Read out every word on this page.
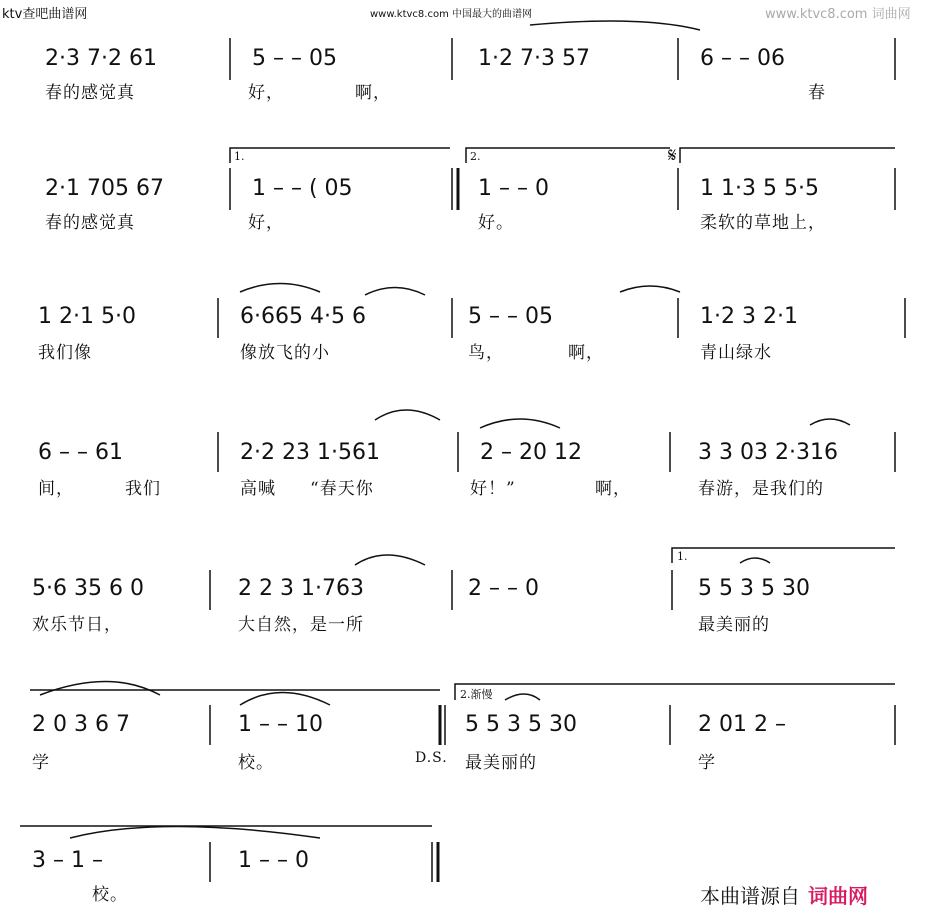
ktv查吧曲谱网	www.ktvc8.com 中国最大的曲谱网	www.ktvc8.com 词曲网
2·3 7·2 61	5 – – 05	1·2 7·3 57	6 – – 06
春的感觉真	好，	啊，	春
1.	2.	𝄋
2·1 705 67	1 – – ( 05	1 – – 0	1 1·3 5 5·5
春的感觉真	好，	好。	柔软的草地上，
1 2·1 5·0	6·665 4·5 6	5 – – 05	1·2 3 2·1
我们像	像放飞的小	鸟，	啊，	青山绿水
6 – – 61	2·2 23 1·561	2 – 20 12	3 3 03 2·316
间，	我们	高喊 “春天你	好！”	啊，	春游，是我们的
5·6 35 6 0	2 2 3 1·763	2 – – 0	5 5 3 5 30
1.
欢乐节日，	大自然，是一所	最美丽的
2.渐慢
2 0 3 6 7	1 – – 10	5 5 3 5 30	2 01 2 –
学	校。	D.S. 最美丽的	学
3 – 1 –	1 – – 0
校。	本曲谱源自 词曲网
